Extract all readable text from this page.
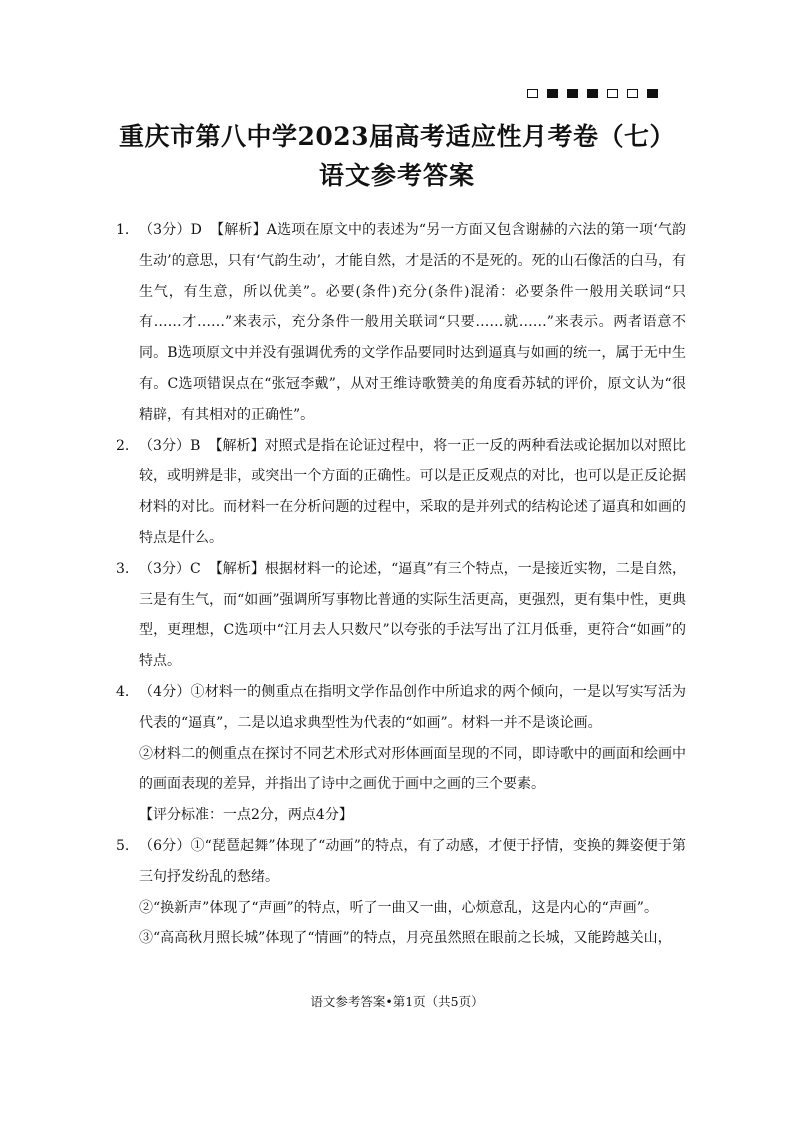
重庆市第八中学2023届高考适应性月考卷（七）
语文参考答案
1. （3分）D 【解析】A选项在原文中的表述为“另一方面又包含谢赫的六法的第一项‘气韵生动’的意思，只有‘气韵生动’，才能自然，才是活的不是死的。死的山石像活的白马，有生气，有生意，所以优美”。必要(条件)充分(条件)混淆：必要条件一般用关联词“只有……才……”来表示，充分条件一般用关联词“只要……就……”来表示。两者语意不同。B选项原文中并没有强调优秀的文学作品要同时达到逼真与如画的统一，属于无中生有。C选项错误点在“张冠李戴”，从对王维诗歌赞美的角度看苏轼的评价，原文认为“很精辟，有其相对的正确性”。

2. （3分）B 【解析】对照式是指在论证过程中，将一正一反的两种看法或论据加以对照比较，或明辨是非，或突出一个方面的正确性。可以是正反观点的对比，也可以是正反论据材料的对比。而材料一在分析问题的过程中，采取的是并列式的结构论述了逼真和如画的特点是什么。

3. （3分）C 【解析】根据材料一的论述，“逼真”有三个特点，一是接近实物，二是自然，三是有生气，而“如画”强调所写事物比普通的实际生活更高，更强烈，更有集中性，更典型，更理想，C选项中“江月去人只数尺”以夸张的手法写出了江月低垂，更符合“如画”的特点。

4. （4分）①材料一的侧重点在指明文学作品创作中所追求的两个倾向，一是以写实写活为代表的“逼真”，二是以追求典型性为代表的“如画”。材料一并不是谈论画。

②材料二的侧重点在探讨不同艺术形式对形体画面呈现的不同，即诗歌中的画面和绘画中的画面表现的差异，并指出了诗中之画优于画中之画的三个要素。

【评分标准：一点2分，两点4分】

5. （6分）①“琵琶起舞”体现了“动画”的特点，有了动感，才便于抒情，变换的舞姿便于第三句抒发纷乱的愁绪。

②“换新声”体现了“声画”的特点，听了一曲又一曲，心烦意乱，这是内心的“声画”。

③“高高秋月照长城”体现了“情画”的特点，月亮虽然照在眼前之长城，又能跨越关山，

语文参考答案•第1页（共5页）
